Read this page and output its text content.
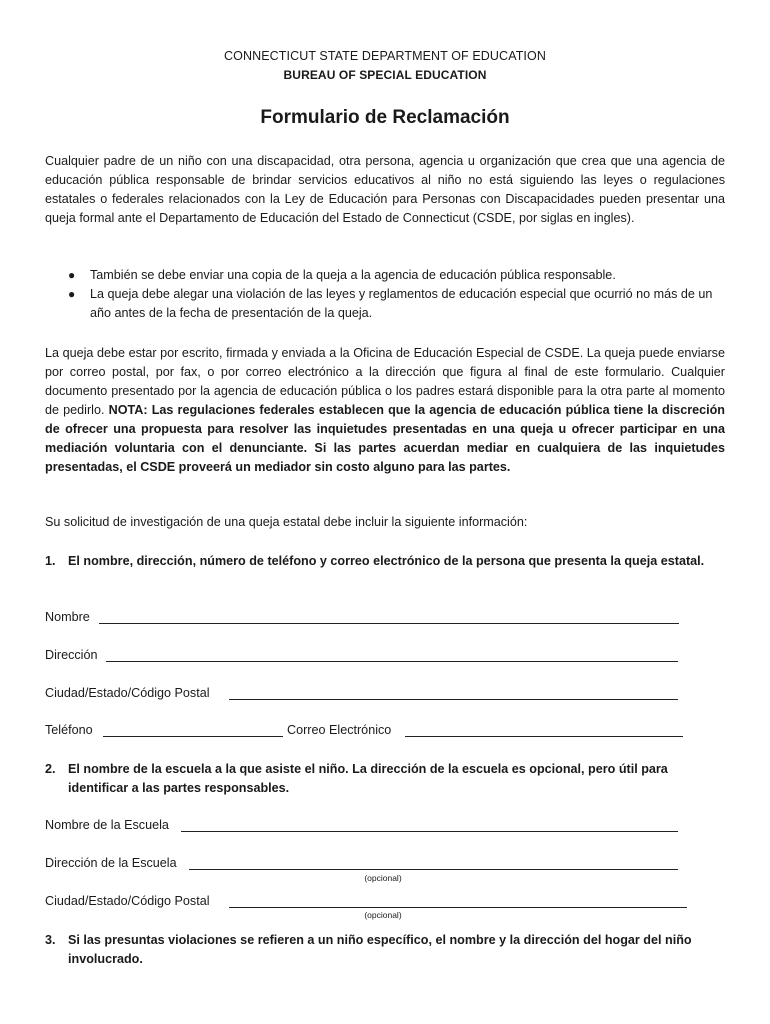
CONNECTICUT STATE DEPARTMENT OF EDUCATION
BUREAU OF SPECIAL EDUCATION
Formulario de Reclamación
Cualquier padre de un niño con una discapacidad, otra persona, agencia u organización que crea que una agencia de educación pública responsable de brindar servicios educativos al niño no está siguiendo las leyes o regulaciones estatales o federales relacionados con la Ley de Educación para Personas con Discapacidades pueden presentar una queja formal ante el Departamento de Educación del Estado de Connecticut (CSDE, por siglas en ingles).
● También se debe enviar una copia de la queja a la agencia de educación pública responsable.
● La queja debe alegar una violación de las leyes y reglamentos de educación especial que ocurrió no más de un año antes de la fecha de presentación de la queja.
La queja debe estar por escrito, firmada y enviada a la Oficina de Educación Especial de CSDE. La queja puede enviarse por correo postal, por fax, o por correo electrónico a la dirección que figura al final de este formulario. Cualquier documento presentado por la agencia de educación pública o los padres estará disponible para la otra parte al momento de pedirlo. NOTA: Las regulaciones federales establecen que la agencia de educación pública tiene la discreción de ofrecer una propuesta para resolver las inquietudes presentadas en una queja u ofrecer participar en una mediación voluntaria con el denunciante. Si las partes acuerdan mediar en cualquiera de las inquietudes presentadas, el CSDE proveerá un mediador sin costo alguno para las partes.
Su solicitud de investigación de una queja estatal debe incluir la siguiente información:
1. El nombre, dirección, número de teléfono y correo electrónico de la persona que presenta la queja estatal.
Nombre
Dirección
Ciudad/Estado/Código Postal
Teléfono	Correo Electrónico
2. El nombre de la escuela a la que asiste el niño. La dirección de la escuela es opcional, pero útil para identificar a las partes responsables.
Nombre de la Escuela
Dirección de la Escuela
(opcional)
Ciudad/Estado/Código Postal
(opcional)
3. Si las presuntas violaciones se refieren a un niño específico, el nombre y la dirección del hogar del niño involucrado.
